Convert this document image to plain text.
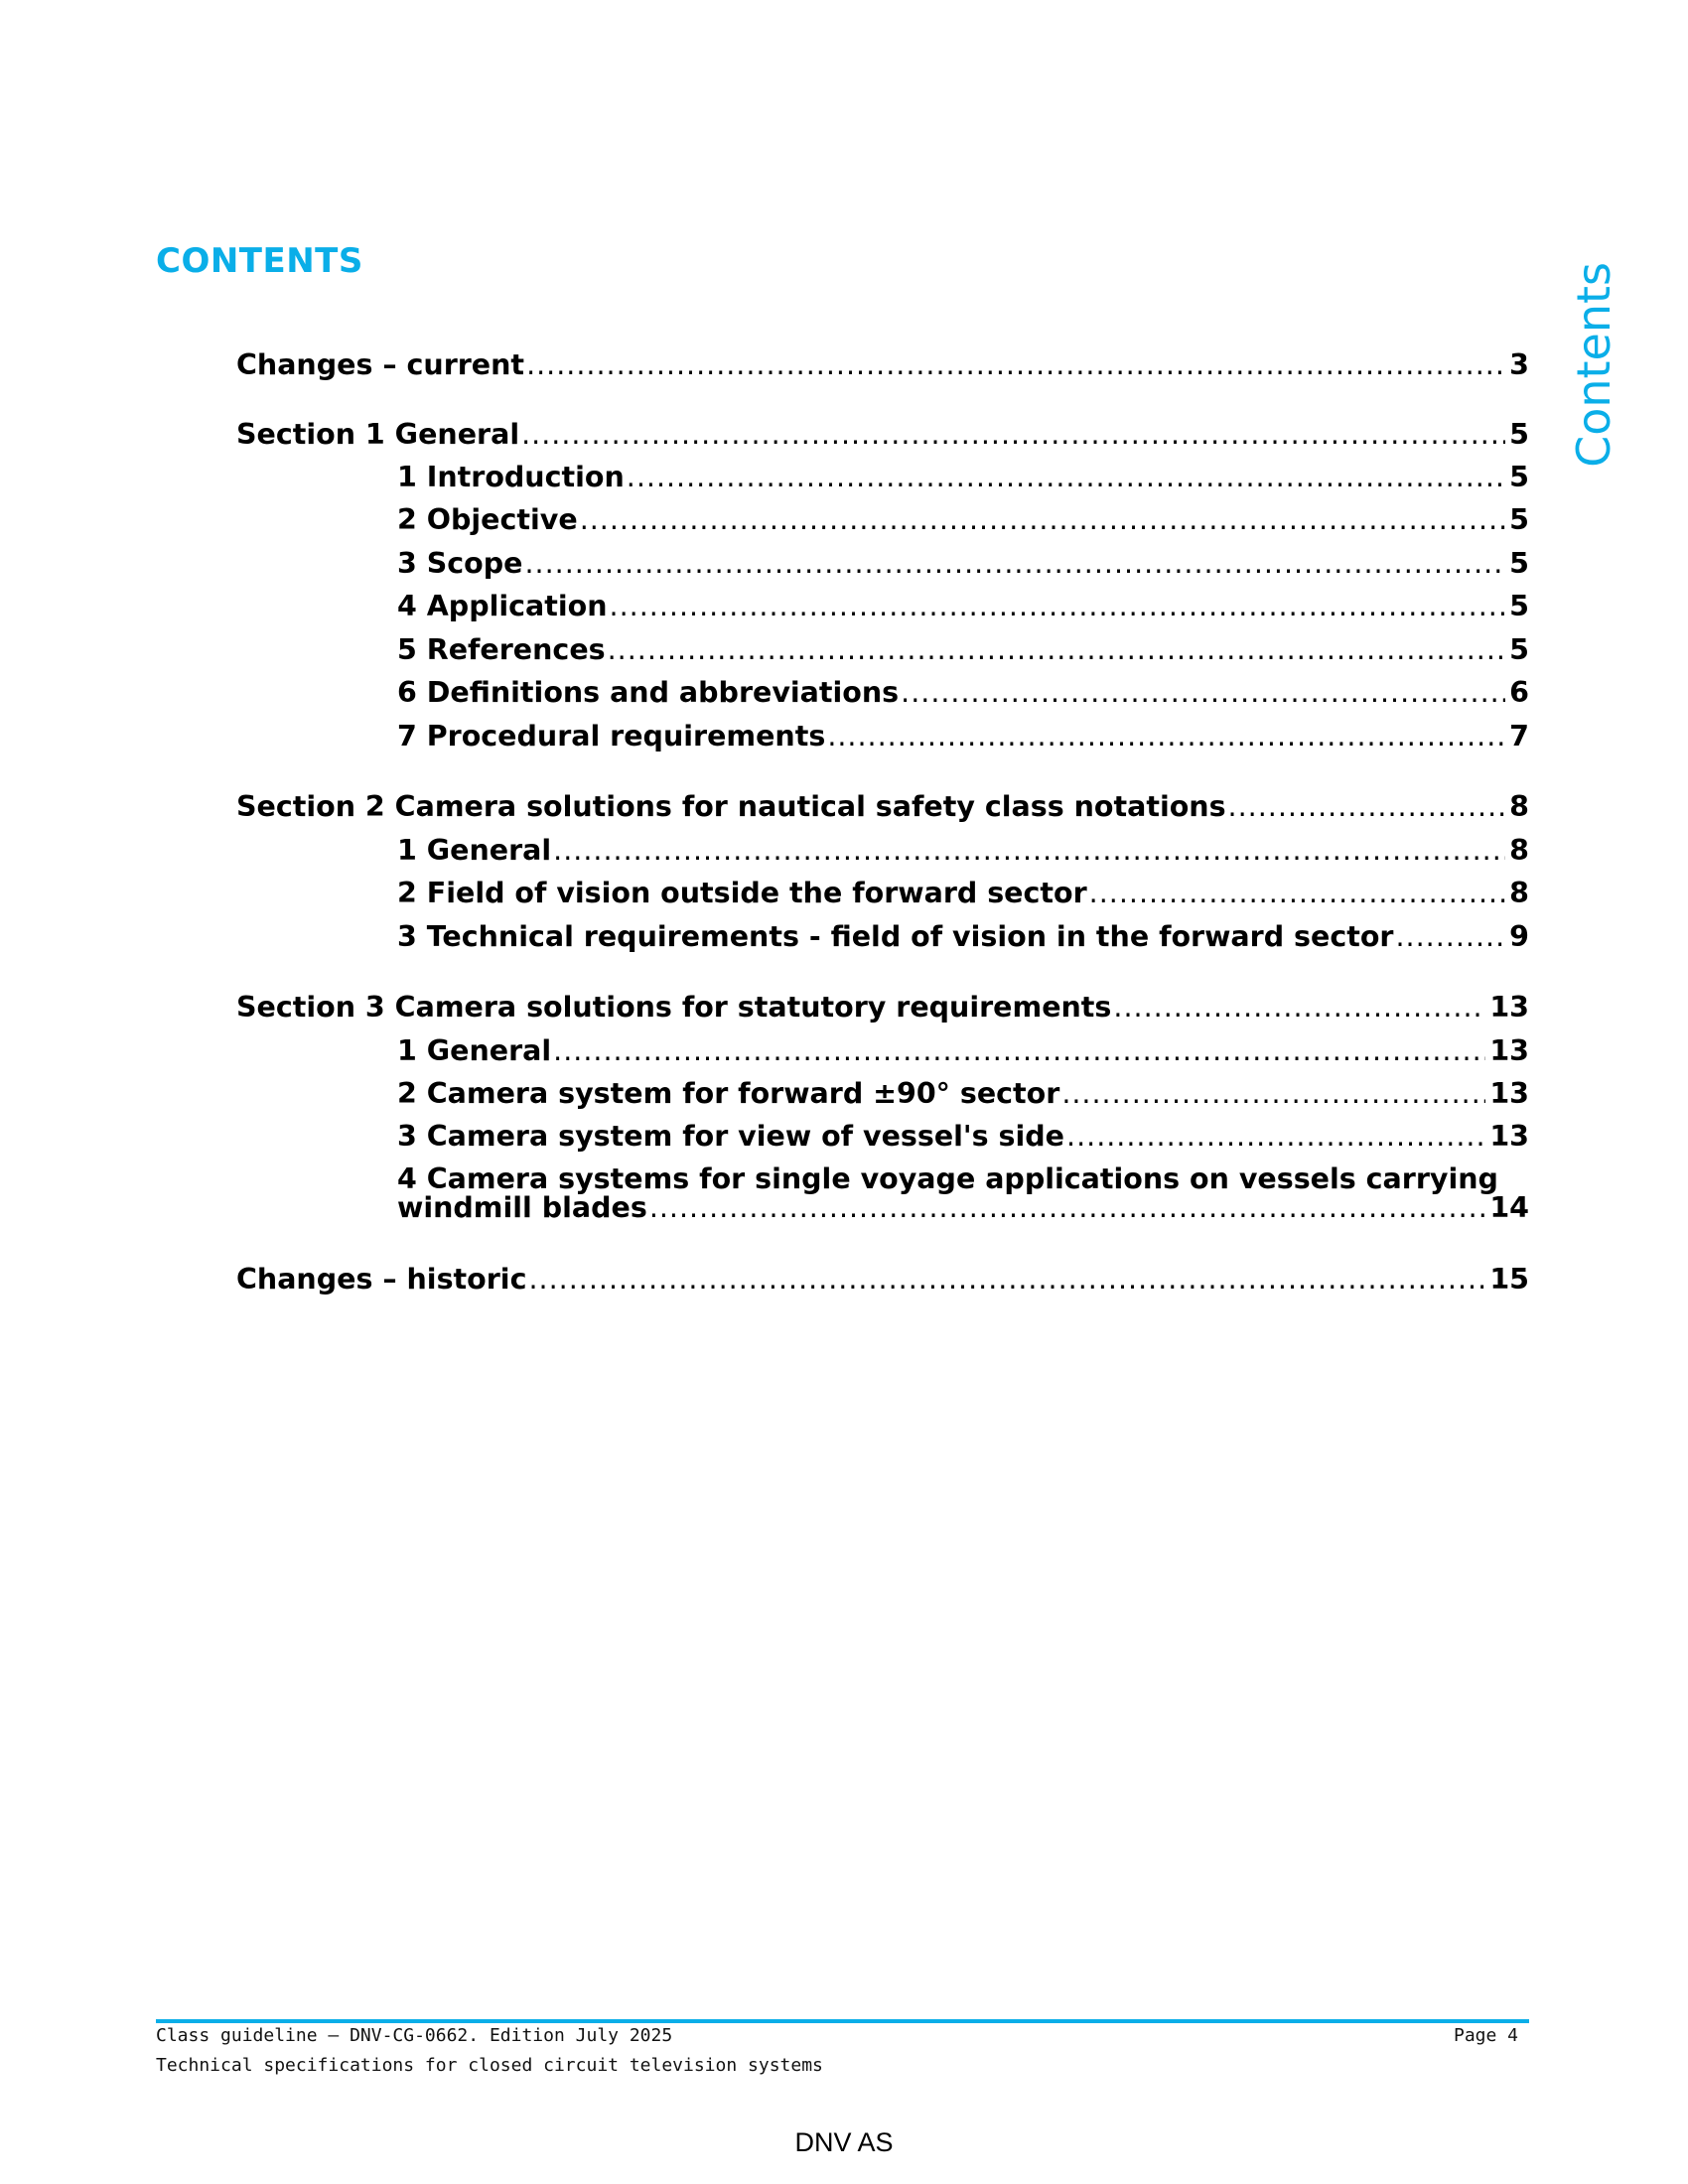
CONTENTS
Contents
Changes – current .....	3
Section 1 General .....	5
1 Introduction .....	5
2 Objective .....	5
3 Scope .....	5
4 Application .....	5
5 References .....	5
6 Definitions and abbreviations .....	6
7 Procedural requirements .....	7
Section 2 Camera solutions for nautical safety class notations .....	8
1 General .....	8
2 Field of vision outside the forward sector .....	8
3 Technical requirements - field of vision in the forward sector .....	9
Section 3 Camera solutions for statutory requirements .....	13
1 General .....	13
2 Camera system for forward ±90° sector .....	13
3 Camera system for view of vessel's side .....	13
4 Camera systems for single voyage applications on vessels carrying
windmill blades .....	14
Changes – historic .....	15
Class guideline — DNV-CG-0662. Edition July 2025	Page 4
Technical specifications for closed circuit television systems
DNV AS
